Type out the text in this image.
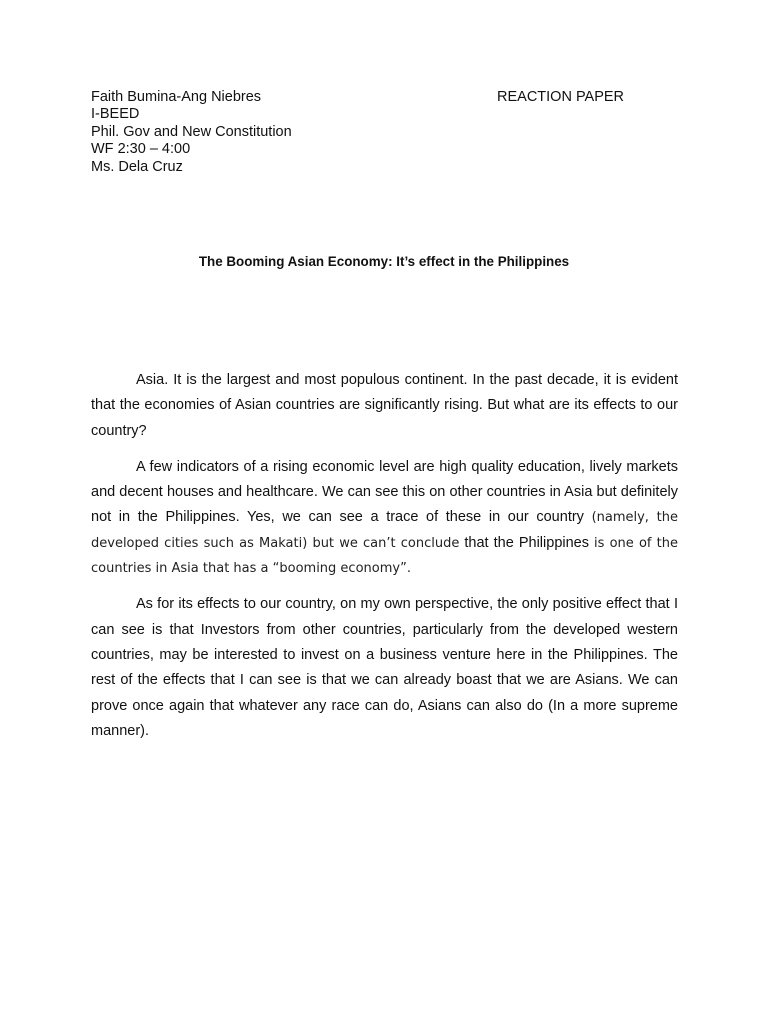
Faith Bumina-Ang Niebres
I-BEED
Phil. Gov and New Constitution
WF 2:30 – 4:00
Ms. Dela Cruz
REACTION PAPER
The Booming Asian Economy: It’s effect in the Philippines

Asia. It is the largest and most populous continent. In the past decade, it is evident that the economies of Asian countries are significantly rising. But what are its effects to our country?

A few indicators of a rising economic level are high quality education, lively markets and decent houses and healthcare. We can see this on other countries in Asia but definitely not in the Philippines. Yes, we can see a trace of these in our country (namely, the developed cities such as Makati) but we can’t conclude that the Philippines is one of the countries in Asia that has a “booming economy”.

As for its effects to our country, on my own perspective, the only positive effect that I can see is that Investors from other countries, particularly from the developed western countries, may be interested to invest on a business venture here in the Philippines. The rest of the effects that I can see is that we can already boast that we are Asians. We can prove once again that whatever any race can do, Asians can also do (In a more supreme manner).
